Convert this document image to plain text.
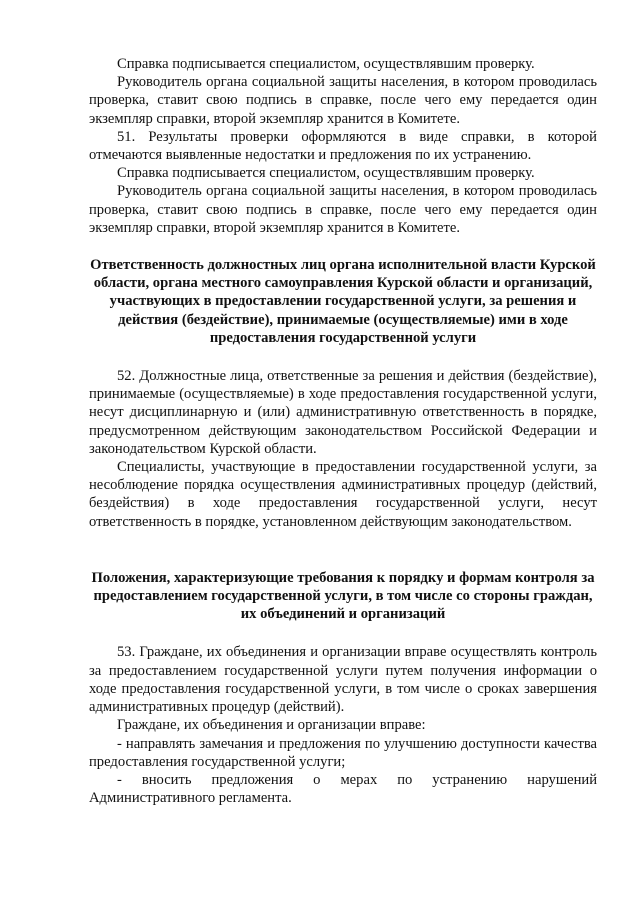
Справка подписывается специалистом, осуществлявшим проверку.

Руководитель органа социальной защиты населения, в котором проводилась проверка, ставит свою подпись в справке, после чего ему передается один экземпляр справки, второй экземпляр хранится в Комитете.

51. Результаты проверки оформляются в виде справки, в которой отмечаются выявленные недостатки и предложения по их устранению.

Справка подписывается специалистом, осуществлявшим проверку.

Руководитель органа социальной защиты населения, в котором проводилась проверка, ставит свою подпись в справке, после чего ему передается один экземпляр справки, второй экземпляр хранится в Комитете.

Ответственность должностных лиц органа исполнительной власти Курской области, органа местного самоуправления Курской области и организаций, участвующих в предоставлении государственной услуги, за решения и действия (бездействие), принимаемые (осуществляемые) ими в ходе предоставления государственной услуги

52. Должностные лица, ответственные за решения и действия (бездействие), принимаемые (осуществляемые) в ходе предоставления государственной услуги, несут дисциплинарную и (или) административную ответственность в порядке, предусмотренном действующим законодательством Российской Федерации и законодательством Курской области.

Специалисты, участвующие в предоставлении государственной услуги, за несоблюдение порядка осуществления административных процедур (действий, бездействия) в ходе предоставления государственной услуги, несут ответственность в порядке, установленном действующим законодательством.

Положения, характеризующие требования к порядку и формам контроля за предоставлением государственной услуги, в том числе со стороны граждан, их объединений и организаций

53. Граждане, их объединения и организации вправе осуществлять контроль за предоставлением государственной услуги путем получения информации о ходе предоставления государственной услуги, в том числе о сроках завершения административных процедур (действий).

Граждане, их объединения и организации вправе:

- направлять замечания и предложения по улучшению доступности качества предоставления государственной услуги;

- вносить предложения о мерах по устранению нарушений Административного регламента.
